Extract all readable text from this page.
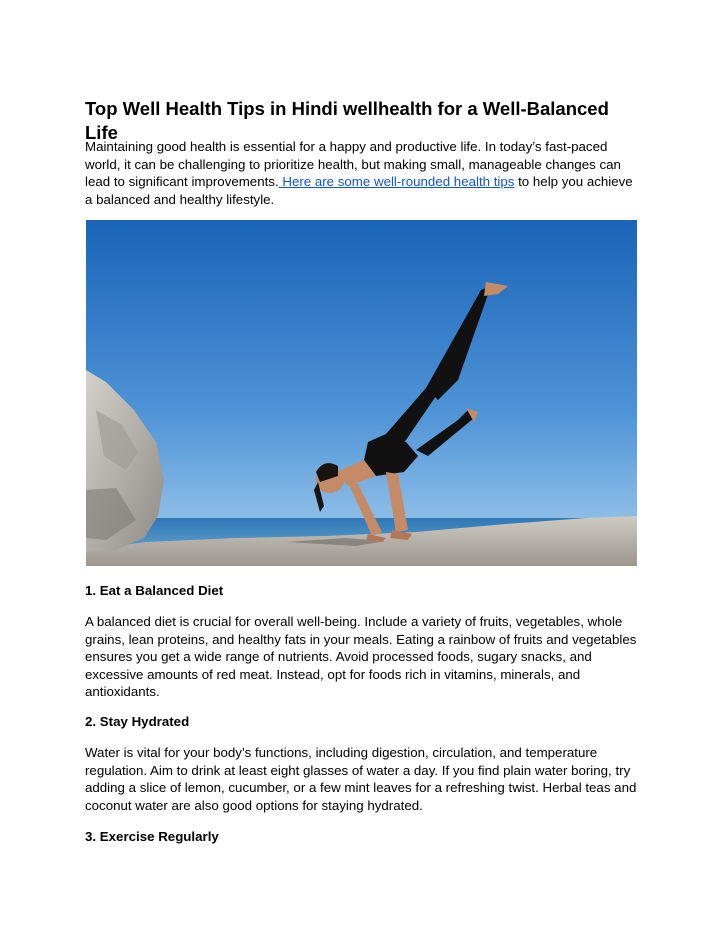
Top Well Health Tips in Hindi wellhealth for a Well-Balanced Life

Maintaining good health is essential for a happy and productive life. In today’s fast-paced world, it can be challenging to prioritize health, but making small, manageable changes can lead to significant improvements. Here are some well-rounded health tips to help you achieve a balanced and healthy lifestyle.

1. Eat a Balanced Diet

A balanced diet is crucial for overall well-being. Include a variety of fruits, vegetables, whole grains, lean proteins, and healthy fats in your meals. Eating a rainbow of fruits and vegetables ensures you get a wide range of nutrients. Avoid processed foods, sugary snacks, and excessive amounts of red meat. Instead, opt for foods rich in vitamins, minerals, and antioxidants.

2. Stay Hydrated

Water is vital for your body’s functions, including digestion, circulation, and temperature regulation. Aim to drink at least eight glasses of water a day. If you find plain water boring, try adding a slice of lemon, cucumber, or a few mint leaves for a refreshing twist. Herbal teas and coconut water are also good options for staying hydrated.

3. Exercise Regularly
